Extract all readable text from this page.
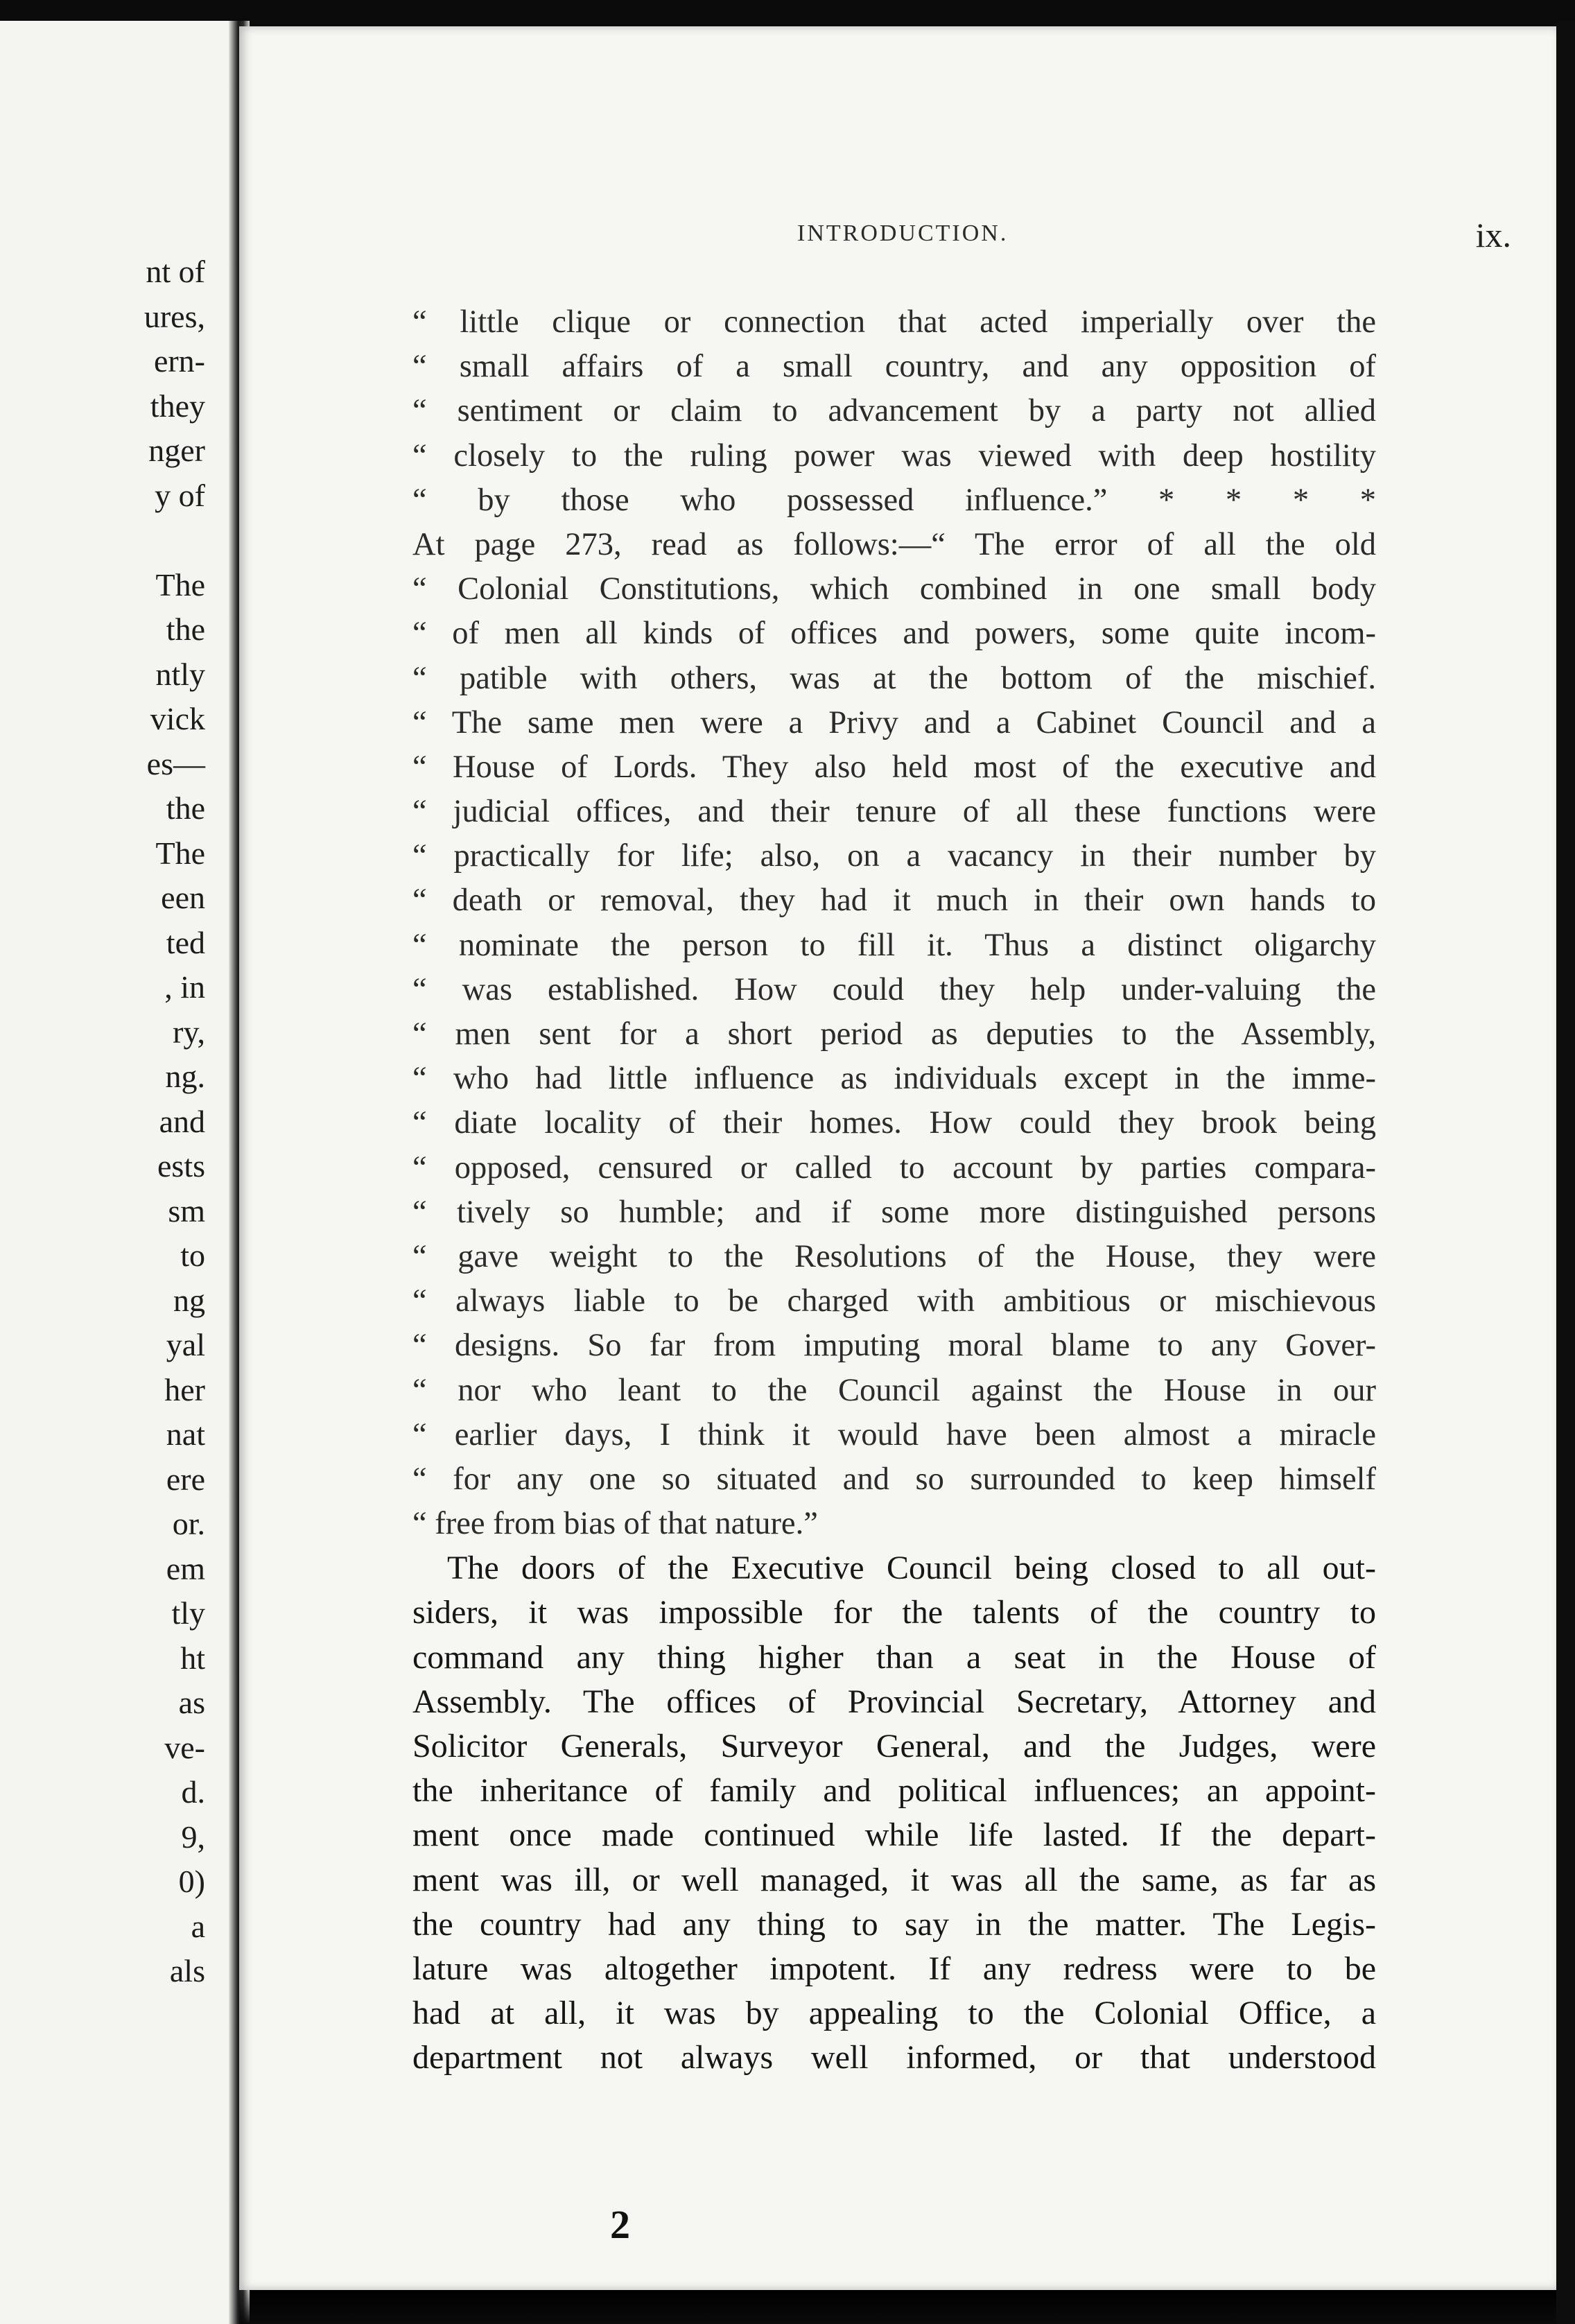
nt of
ures,
ern-
they
nger
y of

The
the
ntly
vick
es—
the
The
een
ted
, in
ry,
ng.
and
ests
sm
to
ng
yal
her
nat
ere
or.
em
tly
ht
as
ve-
d.
9,
0)
a
als
INTRODUCTION.	ix.
“ little clique or connection that acted imperially over the
“ small affairs of a small country, and any opposition of
“ sentiment or claim to advancement by a party not allied
“ closely to the ruling power was viewed with deep hostility
“ by those who possessed influence.” * * * *
At page 273, read as follows:—“ The error of all the old
“ Colonial Constitutions, which combined in one small body
“ of men all kinds of offices and powers, some quite incom-
“ patible with others, was at the bottom of the mischief.
“ The same men were a Privy and a Cabinet Council and a
“ House of Lords. They also held most of the executive and
“ judicial offices, and their tenure of all these functions were
“ practically for life; also, on a vacancy in their number by
“ death or removal, they had it much in their own hands to
“ nominate the person to fill it. Thus a distinct oligarchy
“ was established. How could they help under-valuing the
“ men sent for a short period as deputies to the Assembly,
“ who had little influence as individuals except in the imme-
“ diate locality of their homes. How could they brook being
“ opposed, censured or called to account by parties compara-
“ tively so humble; and if some more distinguished persons
“ gave weight to the Resolutions of the House, they were
“ always liable to be charged with ambitious or mischievous
“ designs. So far from imputing moral blame to any Gover-
“ nor who leant to the Council against the House in our
“ earlier days, I think it would have been almost a miracle
“ for any one so situated and so surrounded to keep himself
“ free from bias of that nature.”
The doors of the Executive Council being closed to all out-
siders, it was impossible for the talents of the country to
command any thing higher than a seat in the House of
Assembly. The offices of Provincial Secretary, Attorney and
Solicitor Generals, Surveyor General, and the Judges, were
the inheritance of family and political influences; an appoint-
ment once made continued while life lasted. If the depart-
ment was ill, or well managed, it was all the same, as far as
the country had any thing to say in the matter. The Legis-
lature was altogether impotent. If any redress were to be
had at all, it was by appealing to the Colonial Office, a
department not always well informed, or that understood
2
